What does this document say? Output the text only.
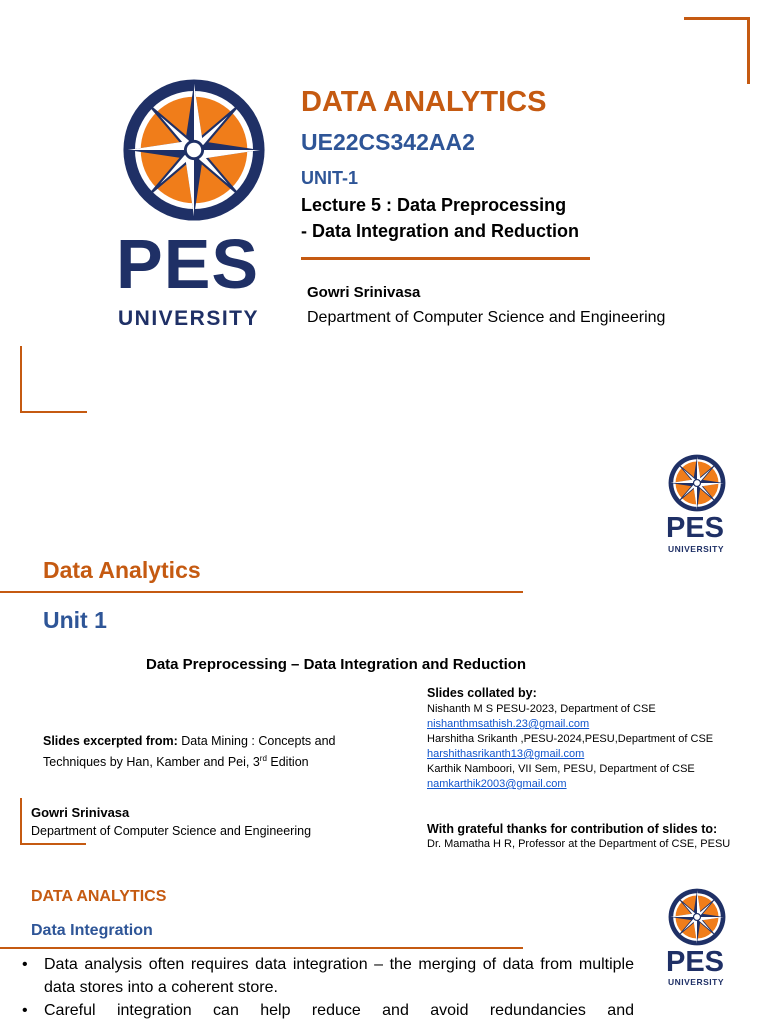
PES
UNIVERSITY
DATA ANALYTICS
UE22CS342AA2
UNIT-1
Lecture 5 : Data Preprocessing
- Data Integration and Reduction
Gowri Srinivasa
Department of Computer Science and Engineering
PES
UNIVERSITY
Data Analytics
Unit 1
Data Preprocessing – Data Integration and Reduction
Slides collated by:
Nishanth M S PESU-2023, Department of CSE
nishanthmsathish.23@gmail.com
Harshitha Srikanth ,PESU-2024,PESU,Department of CSE
harshithasrikanth13@gmail.com
Karthik Namboori, VII Sem, PESU, Department of CSE
namkarthik2003@gmail.com
Slides excerpted from: Data Mining : Concepts and Techniques by Han, Kamber and Pei, 3rd Edition
Gowri Srinivasa
Department of Computer Science and Engineering	With grateful thanks for contribution of slides to:
Dr. Mamatha H R, Professor at the Department of CSE, PESU
DATA ANALYTICS
Data Integration
PES
UNIVERSITY
•	Data analysis often requires data integration – the merging of data from multiple data stores into a coherent store.
•	Careful integration can help reduce and avoid redundancies and
